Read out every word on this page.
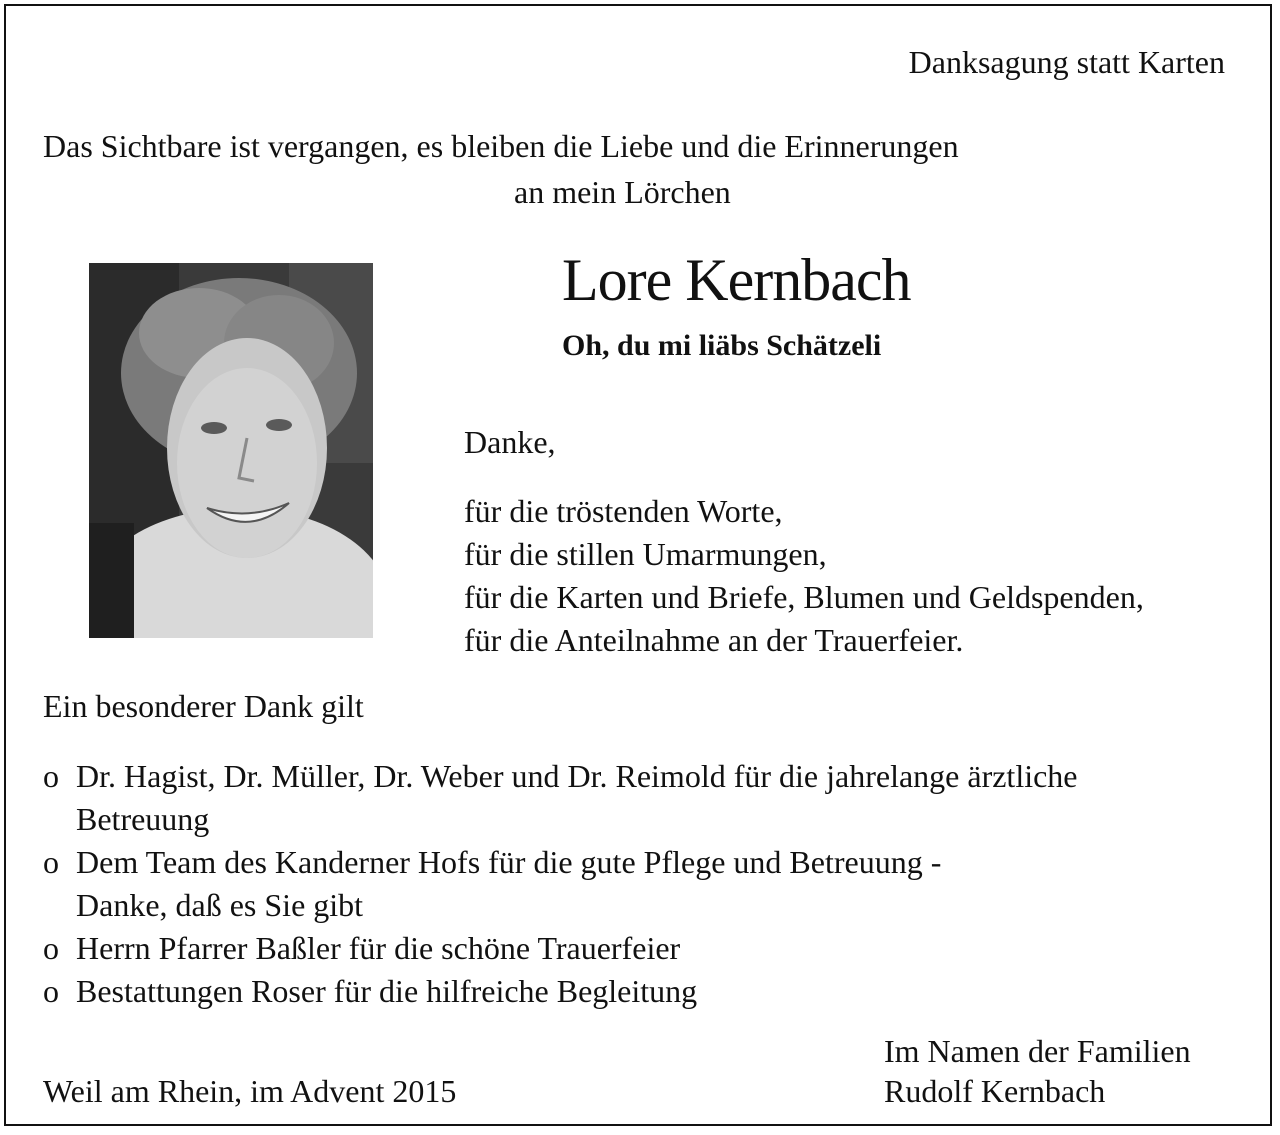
Danksagung statt Karten
Das Sichtbare ist vergangen, es bleiben die Liebe und die Erinnerungen
an mein Lörchen
Lore Kernbach
Oh, du mi liäbs Schätzeli
Danke,
für die tröstenden Worte,
für die stillen Umarmungen,
für die Karten und Briefe, Blumen und Geldspenden,
für die Anteilnahme an der Trauerfeier.
Ein besonderer Dank gilt
o Dr. Hagist, Dr. Müller, Dr. Weber und Dr. Reimold für die jahrelange ärztliche
Betreuung
o Dem Team des Kanderner Hofs für die gute Pflege und Betreuung -
Danke, daß es Sie gibt
o Herrn Pfarrer Baßler für die schöne Trauerfeier
o Bestattungen Roser für die hilfreiche Begleitung
Weil am Rhein, im Advent 2015
Im Namen der Familien
Rudolf Kernbach
